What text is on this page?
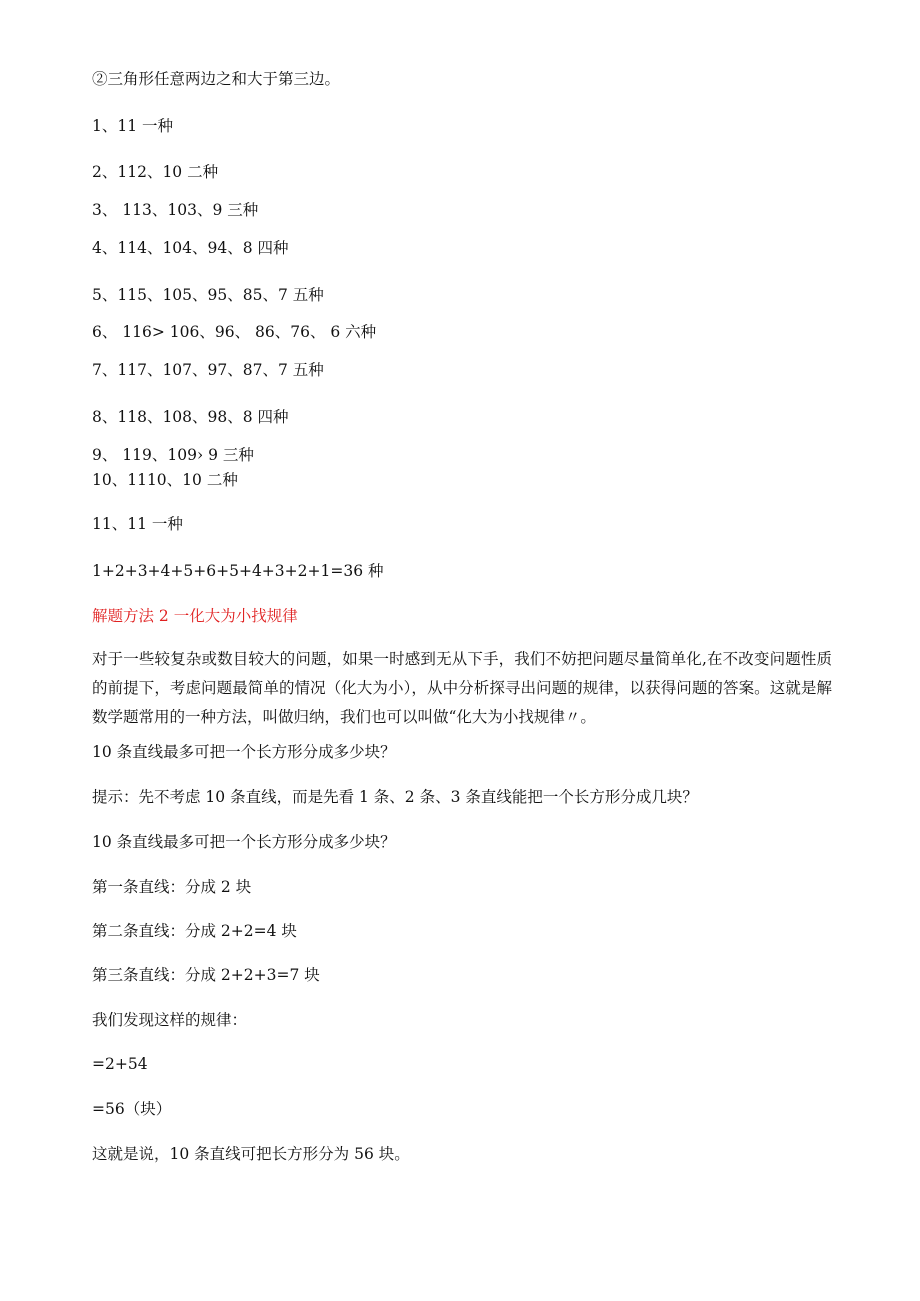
②三角形任意两边之和大于第三边。

1、11 一种

2、112、10 二种

3、 113、103、9 三种

4、114、104、94、8 四种

5、115、105、95、85、7 五种

6、 116> 106、96、 86、76、 6 六种

7、117、107、97、87、7 五种

8、118、108、98、8 四种

9、 119、109› 9 三种

10、1110、10 二种

11、11 一种

1+2+3+4+5+6+5+4+3+2+1=36 种

解题方法 2 一化大为小找规律

对于一些较复杂或数目较大的问题，如果一时感到无从下手，我们不妨把问题尽量简单化,在不改变问题性质的前提下，考虑问题最简单的情况（化大为小），从中分析探寻出问题的规律，以获得问题的答案。这就是解数学题常用的一种方法，叫做归纳，我们也可以叫做“化大为小找规律〃。

10 条直线最多可把一个长方形分成多少块？

提示：先不考虑 10 条直线，而是先看 1 条、2 条、3 条直线能把一个长方形分成几块？

10 条直线最多可把一个长方形分成多少块？

第一条直线：分成 2 块

第二条直线：分成 2+2=4 块

第三条直线：分成 2+2+3=7 块

我们发现这样的规律：

=2+54

=56（块）

这就是说，10 条直线可把长方形分为 56 块。
